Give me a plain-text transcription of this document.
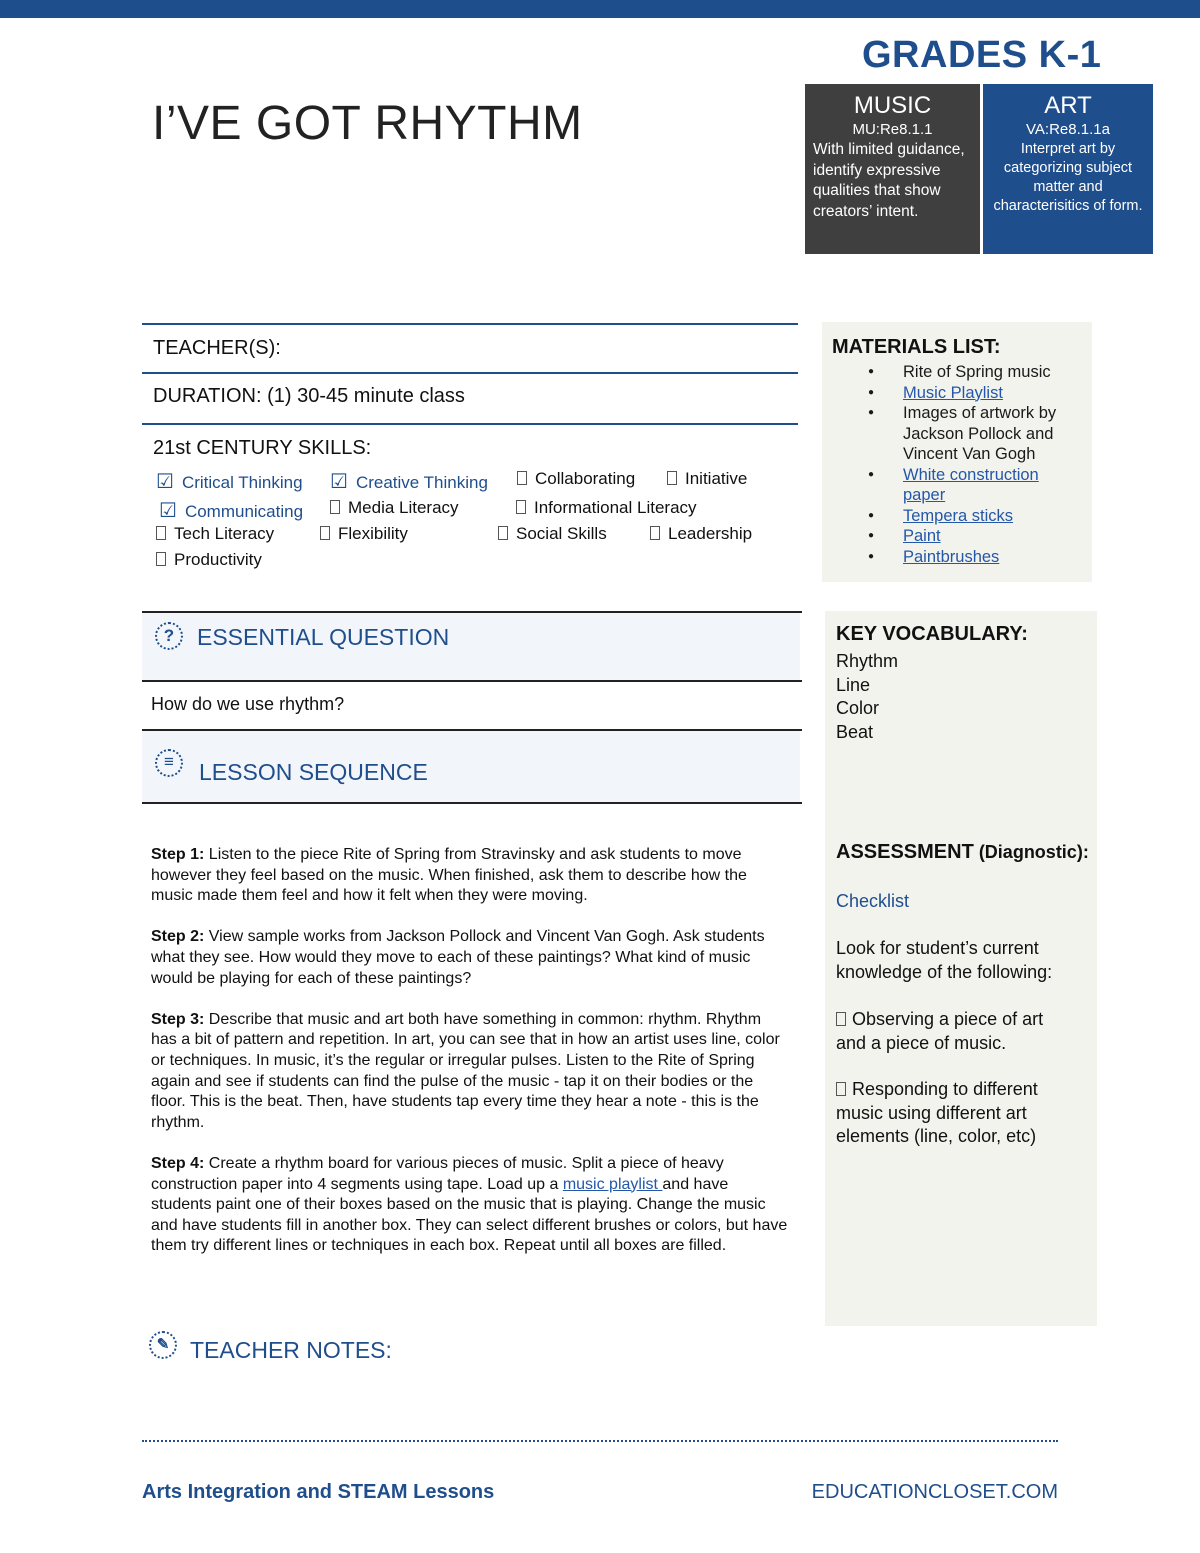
GRADES K-1
I’VE GOT RHYTHM	MUSIC
MU:Re8.1.1
With limited guidance, identify expressive qualities that show creators’ intent.
ART
VA:Re8.1.1a
Interpret art by categorizing subject matter and characterisitics of form.
TEACHER(S):
DURATION: (1) 30-45 minute class
21st CENTURY SKILLS:
☑ Critical Thinking ☑ Creative Thinking	Collaborating	Initiative
☑ Communicating	Media Literacy	Informational Literacy
Tech Literacy	Flexibility	Social Skills	Leadership
Productivity
? ESSENTIAL QUESTION
How do we use rhythm?
≡	LESSON SEQUENCE

Step 1: Listen to the piece Rite of Spring from Stravinsky and ask students to move however they feel based on the music. When finished, ask them to describe how the music made them feel and how it felt when they were moving.

Step 2: View sample works from Jackson Pollock and Vincent Van Gogh. Ask students what they see. How would they move to each of these paintings? What kind of music would be playing for each of these paintings?

Step 3: Describe that music and art both have something in common: rhythm. Rhythm has a bit of pattern and repetition. In art, you can see that in how an artist uses line, color or techniques. In music, it’s the regular or irregular pulses. Listen to the Rite of Spring again and see if students can find the pulse of the music - tap it on their bodies or the floor. This is the beat. Then, have students tap every time they hear a note - this is the rhythm.

Step 4: Create a rhythm board for various pieces of music. Split a piece of heavy construction paper into 4 segments using tape. Load up a music playlist and have students paint one of their boxes based on the music that is playing. Change the music and have students fill in another box. They can select different brushes or colors, but have them try different lines or techniques in each box. Repeat until all boxes are filled.

✎ TEACHER NOTES:
MATERIALS LIST:
● Rite of Spring music
● Music Playlist
● Images of artwork by Jackson Pollock and Vincent Van Gogh
● White construction paper
● Tempera sticks
● Paint
● Paintbrushes
KEY VOCABULARY:
Rhythm
Line
Color
Beat
ASSESSMENT (Diagnostic):
Checklist
Look for student’s current knowledge of the following:
Observing a piece of art and a piece of music.
Responding to different music using different art elements (line, color, etc)
Arts Integration and STEAM Lessons	EDUCATIONCLOSET.COM
